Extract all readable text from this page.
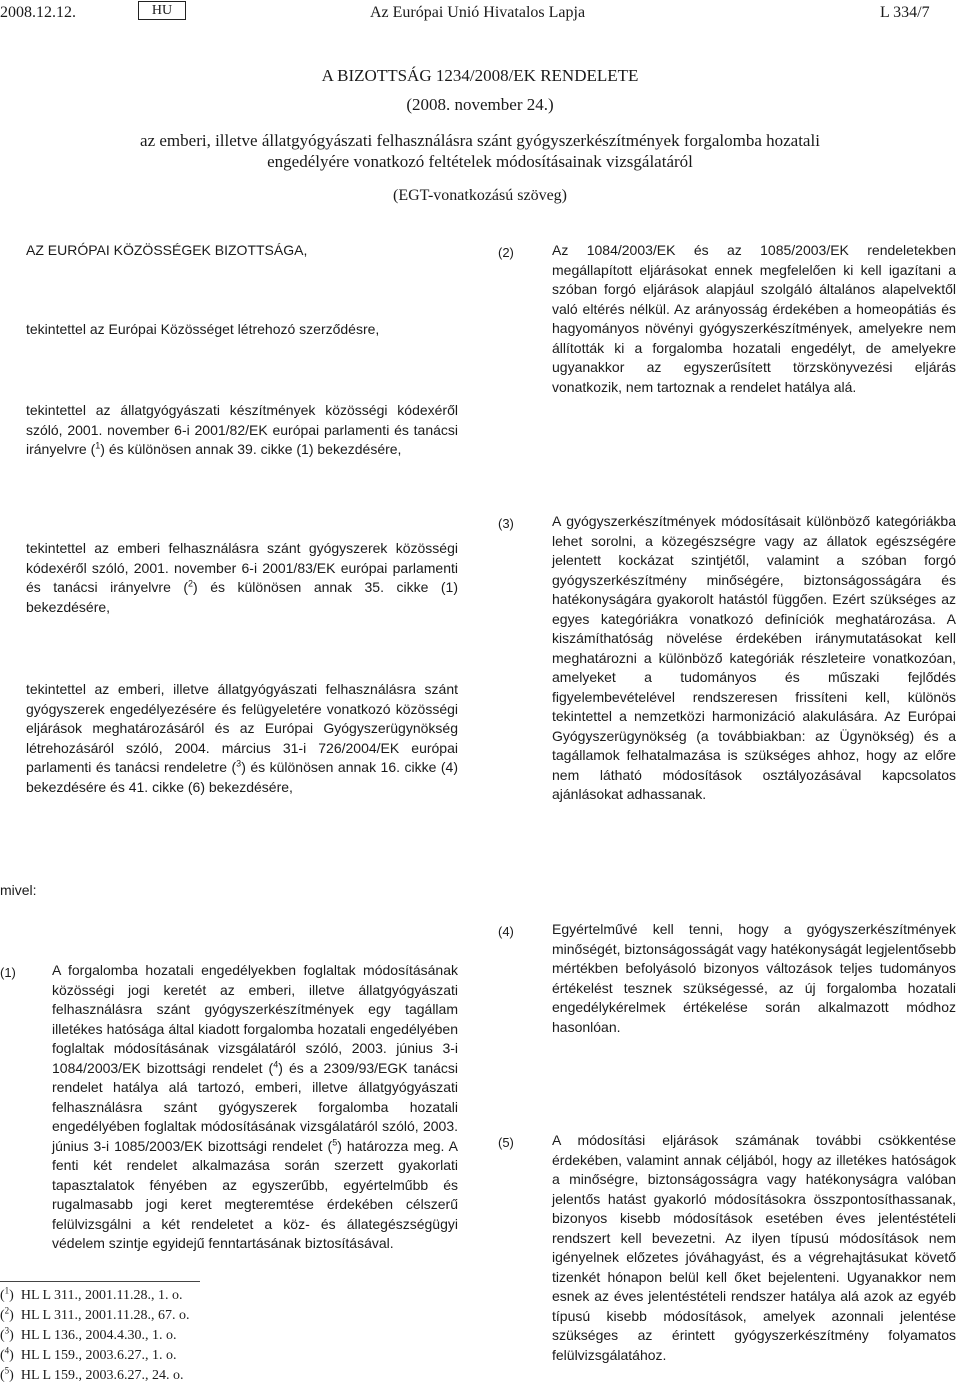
2008.12.12.	HU	Az Európai Unió Hivatalos Lapja	L 334/7
A BIZOTTSÁG 1234/2008/EK RENDELETE
(2008. november 24.)
az emberi, illetve állatgyógyászati felhasználásra szánt gyógyszerkészítmények forgalomba hozatali
engedélyére vonatkozó feltételek módosításainak vizsgálatáról
(EGT-vonatkozású szöveg)
AZ EURÓPAI KÖZÖSSÉGEK BIZOTTSÁGA,
tekintettel az Európai Közösséget létrehozó szerződésre,
tekintettel az állatgyógyászati készítmények közösségi kódexéről szóló, 2001. november 6-i 2001/82/EK európai parlamenti és tanácsi irányelvre ($^1$) és különösen annak 39. cikke (1) bekezdésére,
tekintettel az emberi felhasználásra szánt gyógyszerek közösségi kódexéről szóló, 2001. november 6-i 2001/83/EK európai parlamenti és tanácsi irányelvre ($^2$) és különösen annak 35. cikke (1) bekezdésére,
tekintettel az emberi, illetve állatgyógyászati felhasználásra szánt gyógyszerek engedélyezésére és felügyeletére vonatkozó közösségi eljárások meghatározásáról és az Európai Gyógyszerügynökség létrehozásáról szóló, 2004. március 31-i 726/2004/EK európai parlamenti és tanácsi rendeletre ($^3$) és különösen annak 16. cikke (4) bekezdésére és 41. cikke (6) bekezdésére,
mivel:
(1)	A forgalomba hozatali engedélyekben foglaltak módosításának közösségi jogi keretét az emberi, illetve állatgyógyászati felhasználásra szánt gyógyszerkészítmények egy tagállam illetékes hatósága által kiadott forgalomba hozatali engedélyében foglaltak módosításának vizsgálatáról szóló, 2003. június 3-i 1084/2003/EK bizottsági rendelet ($^4$) és a 2309/93/EGK tanácsi rendelet hatálya alá tartozó, emberi, illetve állatgyógyászati felhasználásra szánt gyógyszerek forgalomba hozatali engedélyében foglaltak módosításának vizsgálatáról szóló, 2003. június 3-i 1085/2003/EK bizottsági rendelet ($^5$) határozza meg. A fenti két rendelet alkalmazása során szerzett gyakorlati tapasztalatok fényében az egyszerűbb, egyértelműbb és rugalmasabb jogi keret megteremtése érdekében célszerű felülvizsgálni a két rendeletet a köz- és állategészségügyi védelem szintje egyidejű fenntartásának biztosításával.
($^1$)  HL L 311., 2001.11.28., 1. o.
($^2$)  HL L 311., 2001.11.28., 67. o.
($^3$)  HL L 136., 2004.4.30., 1. o.
($^4$)  HL L 159., 2003.6.27., 1. o.
($^5$)  HL L 159., 2003.6.27., 24. o.
(2)	Az 1084/2003/EK és az 1085/2003/EK rendeletekben megállapított eljárásokat ennek megfelelően ki kell igazítani a szóban forgó eljárások alapjául szolgáló általános alapelvektől való eltérés nélkül. Az arányosság érdekében a homeopátiás és hagyományos növényi gyógyszerkészítmények, amelyekre nem állították ki a forgalomba hozatali engedélyt, de amelyekre ugyanakkor az egyszerűsített törzskönyvezési eljárás vonatkozik, nem tartoznak a rendelet hatálya alá.
(3)	A gyógyszerkészítmények módosításait különböző kategóriákba lehet sorolni, a közegészségre vagy az állatok egészségére jelentett kockázat szintjétől, valamint a szóban forgó gyógyszerkészítmény minőségére, biztonságosságára és hatékonyságára gyakorolt hatástól függően. Ezért szükséges az egyes kategóriákra vonatkozó definíciók meghatározása. A kiszámíthatóság növelése érdekében iránymutatásokat kell meghatározni a különböző kategóriák részleteire vonatkozóan, amelyeket a tudományos és műszaki fejlődés figyelembevételével rendszeresen frissíteni kell, különös tekintettel a nemzetközi harmonizáció alakulására. Az Európai Gyógyszerügynökség (a továbbiakban: az Ügynökség) és a tagállamok felhatalmazása is szükséges ahhoz, hogy az előre nem látható módosítások osztályozásával kapcsolatos ajánlásokat adhassanak.
(4)	Egyértelművé kell tenni, hogy a gyógyszerkészítmények minőségét, biztonságosságát vagy hatékonyságát legjelentősebb mértékben befolyásoló bizonyos változások teljes tudományos értékelést tesznek szükségessé, az új forgalomba hozatali engedélykérelmek értékelése során alkalmazott módhoz hasonlóan.
(5)	A módosítási eljárások számának további csökkentése érdekében, valamint annak céljából, hogy az illetékes hatóságok a minőségre, biztonságosságra vagy hatékonyságra valóban jelentős hatást gyakorló módosításokra összpontosíthassanak, bizonyos kisebb módosítások esetében éves jelentéstételi rendszert kell bevezetni. Az ilyen típusú módosítások nem igényelnek előzetes jóváhagyást, és a végrehajtásukat követő tizenkét hónapon belül kell őket bejelenteni. Ugyanakkor nem esnek az éves jelentéstételi rendszer hatálya alá azok az egyéb típusú kisebb módosítások, amelyek azonnali jelentése szükséges az érintett gyógyszerkészítmény folyamatos felülvizsgálatához.
